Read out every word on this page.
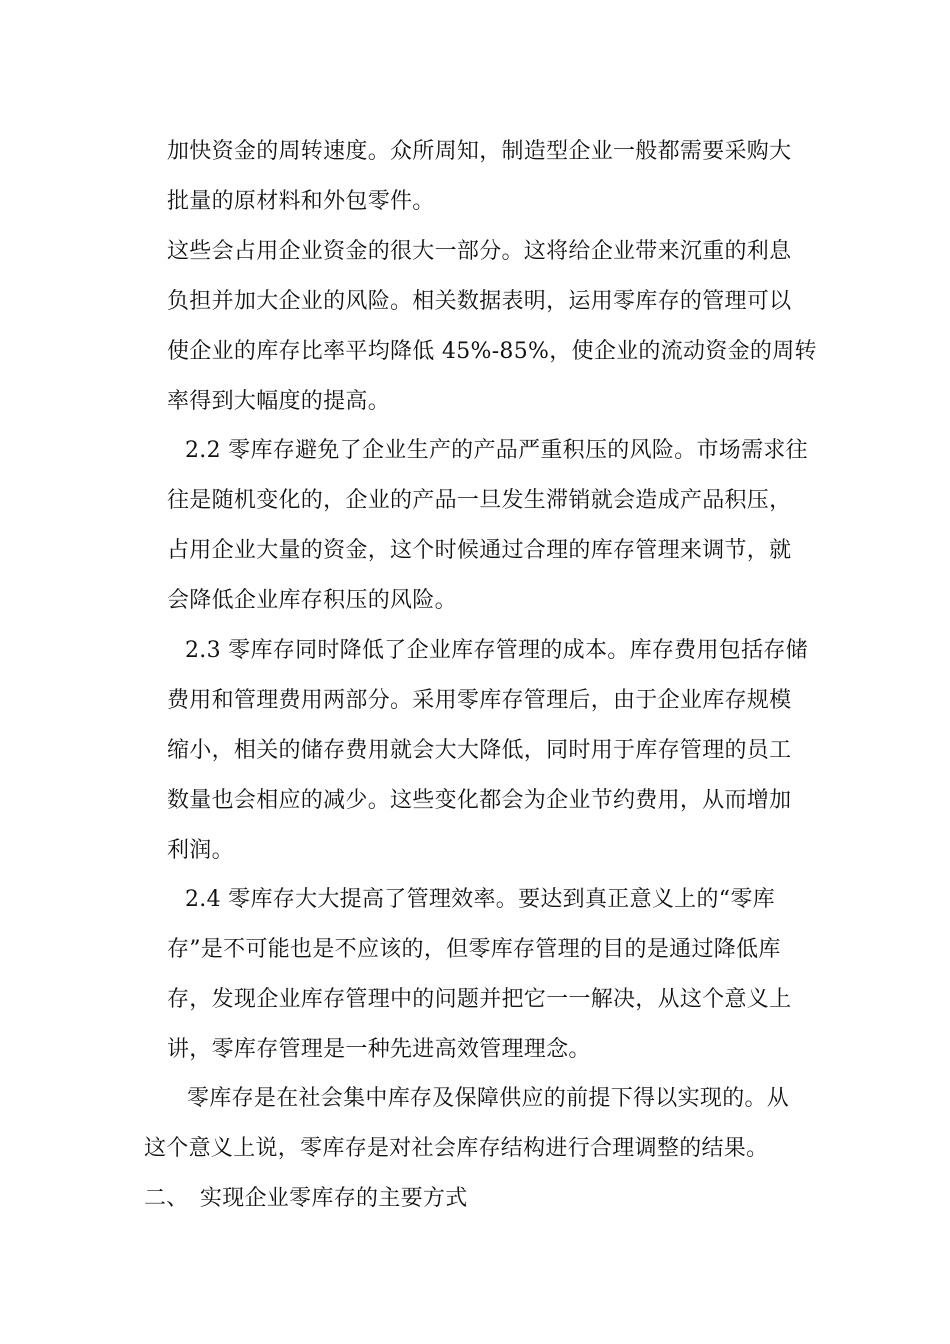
加快资金的周转速度。众所周知，制造型企业一般都需要采购大
批量的原材料和外包零件。
这些会占用企业资金的很大一部分。这将给企业带来沉重的利息
负担并加大企业的风险。相关数据表明，运用零库存的管理可以
使企业的库存比率平均降低 45%-85%，使企业的流动资金的周转
率得到大幅度的提高。
2.2 零库存避免了企业生产的产品严重积压的风险。市场需求往
往是随机变化的，企业的产品一旦发生滞销就会造成产品积压，
占用企业大量的资金，这个时候通过合理的库存管理来调节，就
会降低企业库存积压的风险。
2.3 零库存同时降低了企业库存管理的成本。库存费用包括存储
费用和管理费用两部分。采用零库存管理后，由于企业库存规模
缩小，相关的储存费用就会大大降低，同时用于库存管理的员工
数量也会相应的减少。这些变化都会为企业节约费用，从而增加
利润。
2.4 零库存大大提高了管理效率。要达到真正意义上的“零库
存”是不可能也是不应该的，但零库存管理的目的是通过降低库
存，发现企业库存管理中的问题并把它一一解决，从这个意义上
讲，零库存管理是一种先进高效管理理念。
零库存是在社会集中库存及保障供应的前提下得以实现的。从
这个意义上说，零库存是对社会库存结构进行合理调整的结果。
二、　实现企业零库存的主要方式
